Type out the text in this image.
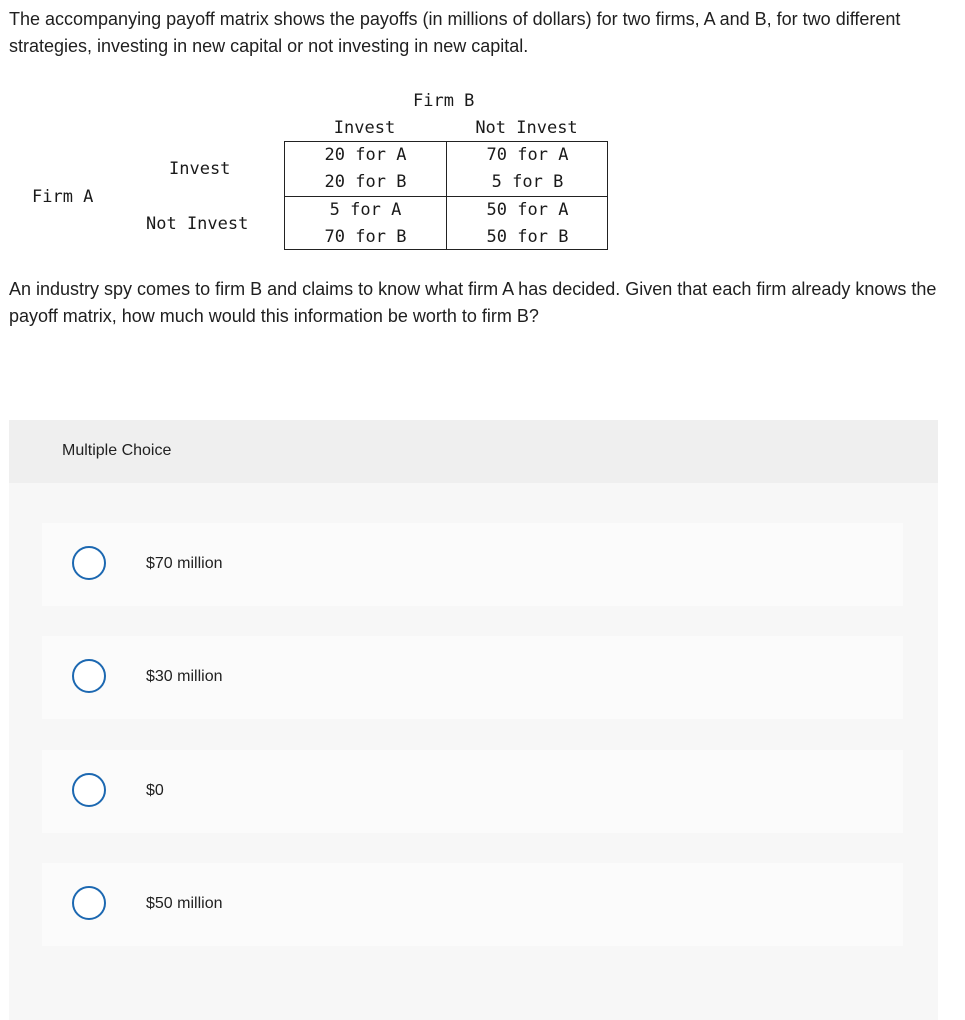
The accompanying payoff matrix shows the payoffs (in millions of dollars) for two firms, A and B, for two different strategies, investing in new capital or not investing in new capital.

Firm B
Invest	Not Invest
Firm A
Invest
Not Invest
20 for A
20 for B
70 for A
5 for B
5 for A
70 for B
50 for A
50 for B

An industry spy comes to firm B and claims to know what firm A has decided. Given that each firm already knows the payoff matrix, how much would this information be worth to firm B?

Multiple Choice
$70 million
$30 million
$0
$50 million
